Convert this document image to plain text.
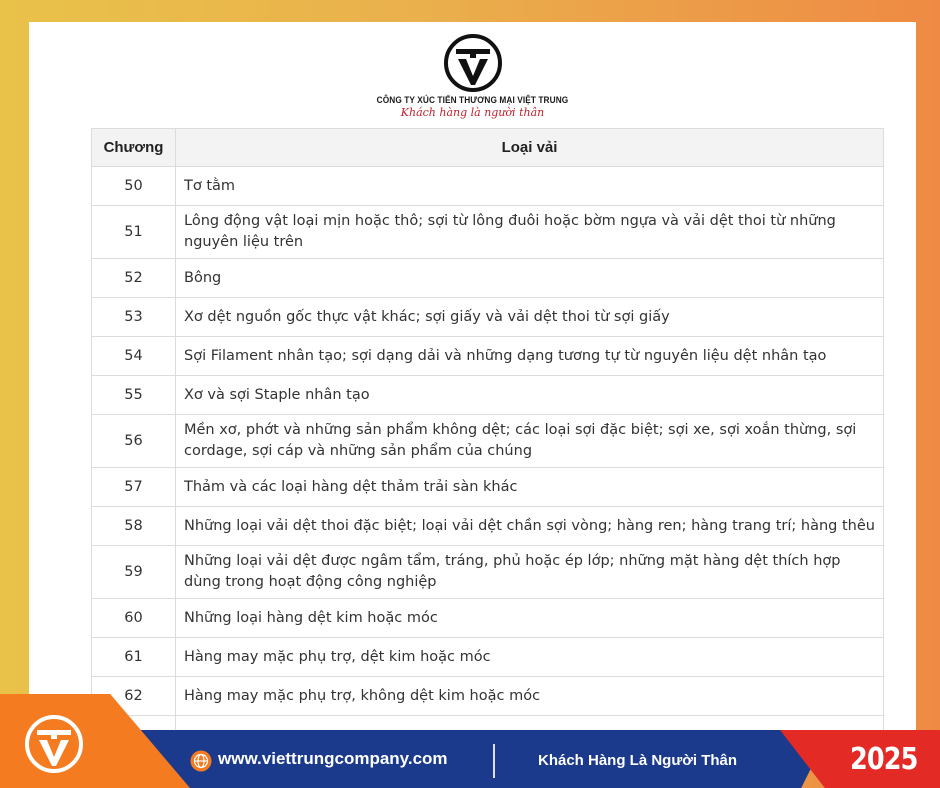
CÔNG TY XÚC TIẾN THƯƠNG MẠI VIỆT TRUNG
Khách hàng là người thân
Chương	Loại vải
50	Tơ tằm
51	Lông động vật loại mịn hoặc thô; sợi từ lông đuôi hoặc bờm ngựa và vải dệt thoi từ những nguyên liệu trên
52	Bông
53	Xơ dệt nguồn gốc thực vật khác; sợi giấy và vải dệt thoi từ sợi giấy
54	Sợi Filament nhân tạo; sợi dạng dải và những dạng tương tự từ nguyên liệu dệt nhân tạo
55	Xơ và sợi Staple nhân tạo
56	Mền xơ, phớt và những sản phẩm không dệt; các loại sợi đặc biệt; sợi xe, sợi xoắn thừng, sợi cordage, sợi cáp và những sản phẩm của chúng
57	Thảm và các loại hàng dệt thảm trải sàn khác
58	Những loại vải dệt thoi đặc biệt; loại vải dệt chần sợi vòng; hàng ren; hàng trang trí; hàng thêu
59	Những loại vải dệt được ngâm tẩm, tráng, phủ hoặc ép lớp; những mặt hàng dệt thích hợp dùng trong hoạt động công nghiệp
60	Những loại hàng dệt kim hoặc móc
61	Hàng may mặc phụ trợ, dệt kim hoặc móc
62	Hàng may mặc phụ trợ, không dệt kim hoặc móc

www.viettrungcompany.com	Khách Hàng Là Người Thân	2025
